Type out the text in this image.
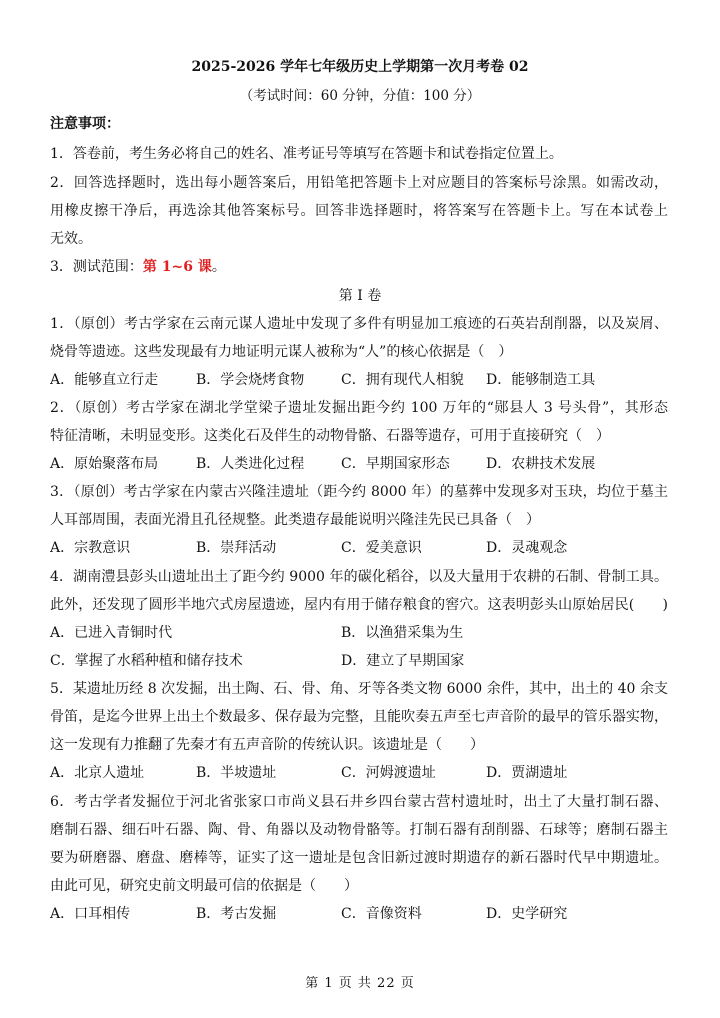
2025-2026 学年七年级历史上学期第一次月考卷 02
（考试时间：60 分钟，分值：100 分）
注意事项：
1．答卷前，考生务必将自己的姓名、准考证号等填写在答题卡和试卷指定位置上。
2．回答选择题时，选出每小题答案后，用铅笔把答题卡上对应题目的答案标号涂黑。如需改动，
用橡皮擦干净后，再选涂其他答案标号。回答非选择题时，将答案写在答题卡上。写在本试卷上
无效。
3．测试范围：第 1~6 课。
第 I 卷
1．（原创）考古学家在云南元谋人遗址中发现了多件有明显加工痕迹的石英岩刮削器，以及炭屑、
烧骨等遗迹。这些发现最有力地证明元谋人被称为“人”的核心依据是（　）
A．能够直立行走	B．学会烧烤食物	C．拥有现代人相貌 D．能够制造工具
2．（原创）考古学家在湖北学堂梁子遗址发掘出距今约 100 万年的“郧县人 3 号头骨”，其形态
特征清晰，未明显变形。这类化石及伴生的动物骨骼、石器等遗存，可用于直接研究（　）
A．原始聚落布局	B．人类进化过程	C．早期国家形态	D．农耕技术发展
3．（原创）考古学家在内蒙古兴隆洼遗址（距今约 8000 年）的墓葬中发现多对玉玦，均位于墓主
人耳部周围，表面光滑且孔径规整。此类遗存最能说明兴隆洼先民已具备（　）
A．宗教意识	B．崇拜活动	C．爱美意识	D．灵魂观念
4．湖南澧县彭头山遗址出土了距今约 9000 年的碳化稻谷，以及大量用于农耕的石制、骨制工具。
此外，还发现了圆形半地穴式房屋遗迹，屋内有用于储存粮食的窖穴。这表明彭头山原始居民(　　)
A．已进入青铜时代	B．以渔猎采集为生
C．掌握了水稻种植和储存技术	D．建立了早期国家
5．某遗址历经 8 次发掘，出土陶、石、骨、角、牙等各类文物 6000 余件，其中，出土的 40 余支
骨笛，是迄今世界上出土个数最多、保存最为完整，且能吹奏五声至七声音阶的最早的管乐器实物，
这一发现有力推翻了先秦才有五声音阶的传统认识。该遗址是（　　）
A．北京人遗址	B．半坡遗址	C．河姆渡遗址	D．贾湖遗址
6．考古学者发掘位于河北省张家口市尚义县石井乡四台蒙古营村遗址时，出土了大量打制石器、
磨制石器、细石叶石器、陶、骨、角器以及动物骨骼等。打制石器有刮削器、石球等；磨制石器主
要为研磨器、磨盘、磨棒等，证实了这一遗址是包含旧新过渡时期遗存的新石器时代早中期遗址。
由此可见，研究史前文明最可信的依据是（　　）
A．口耳相传	B．考古发掘	C．音像资料	D．史学研究
第 1 页 共 22 页
